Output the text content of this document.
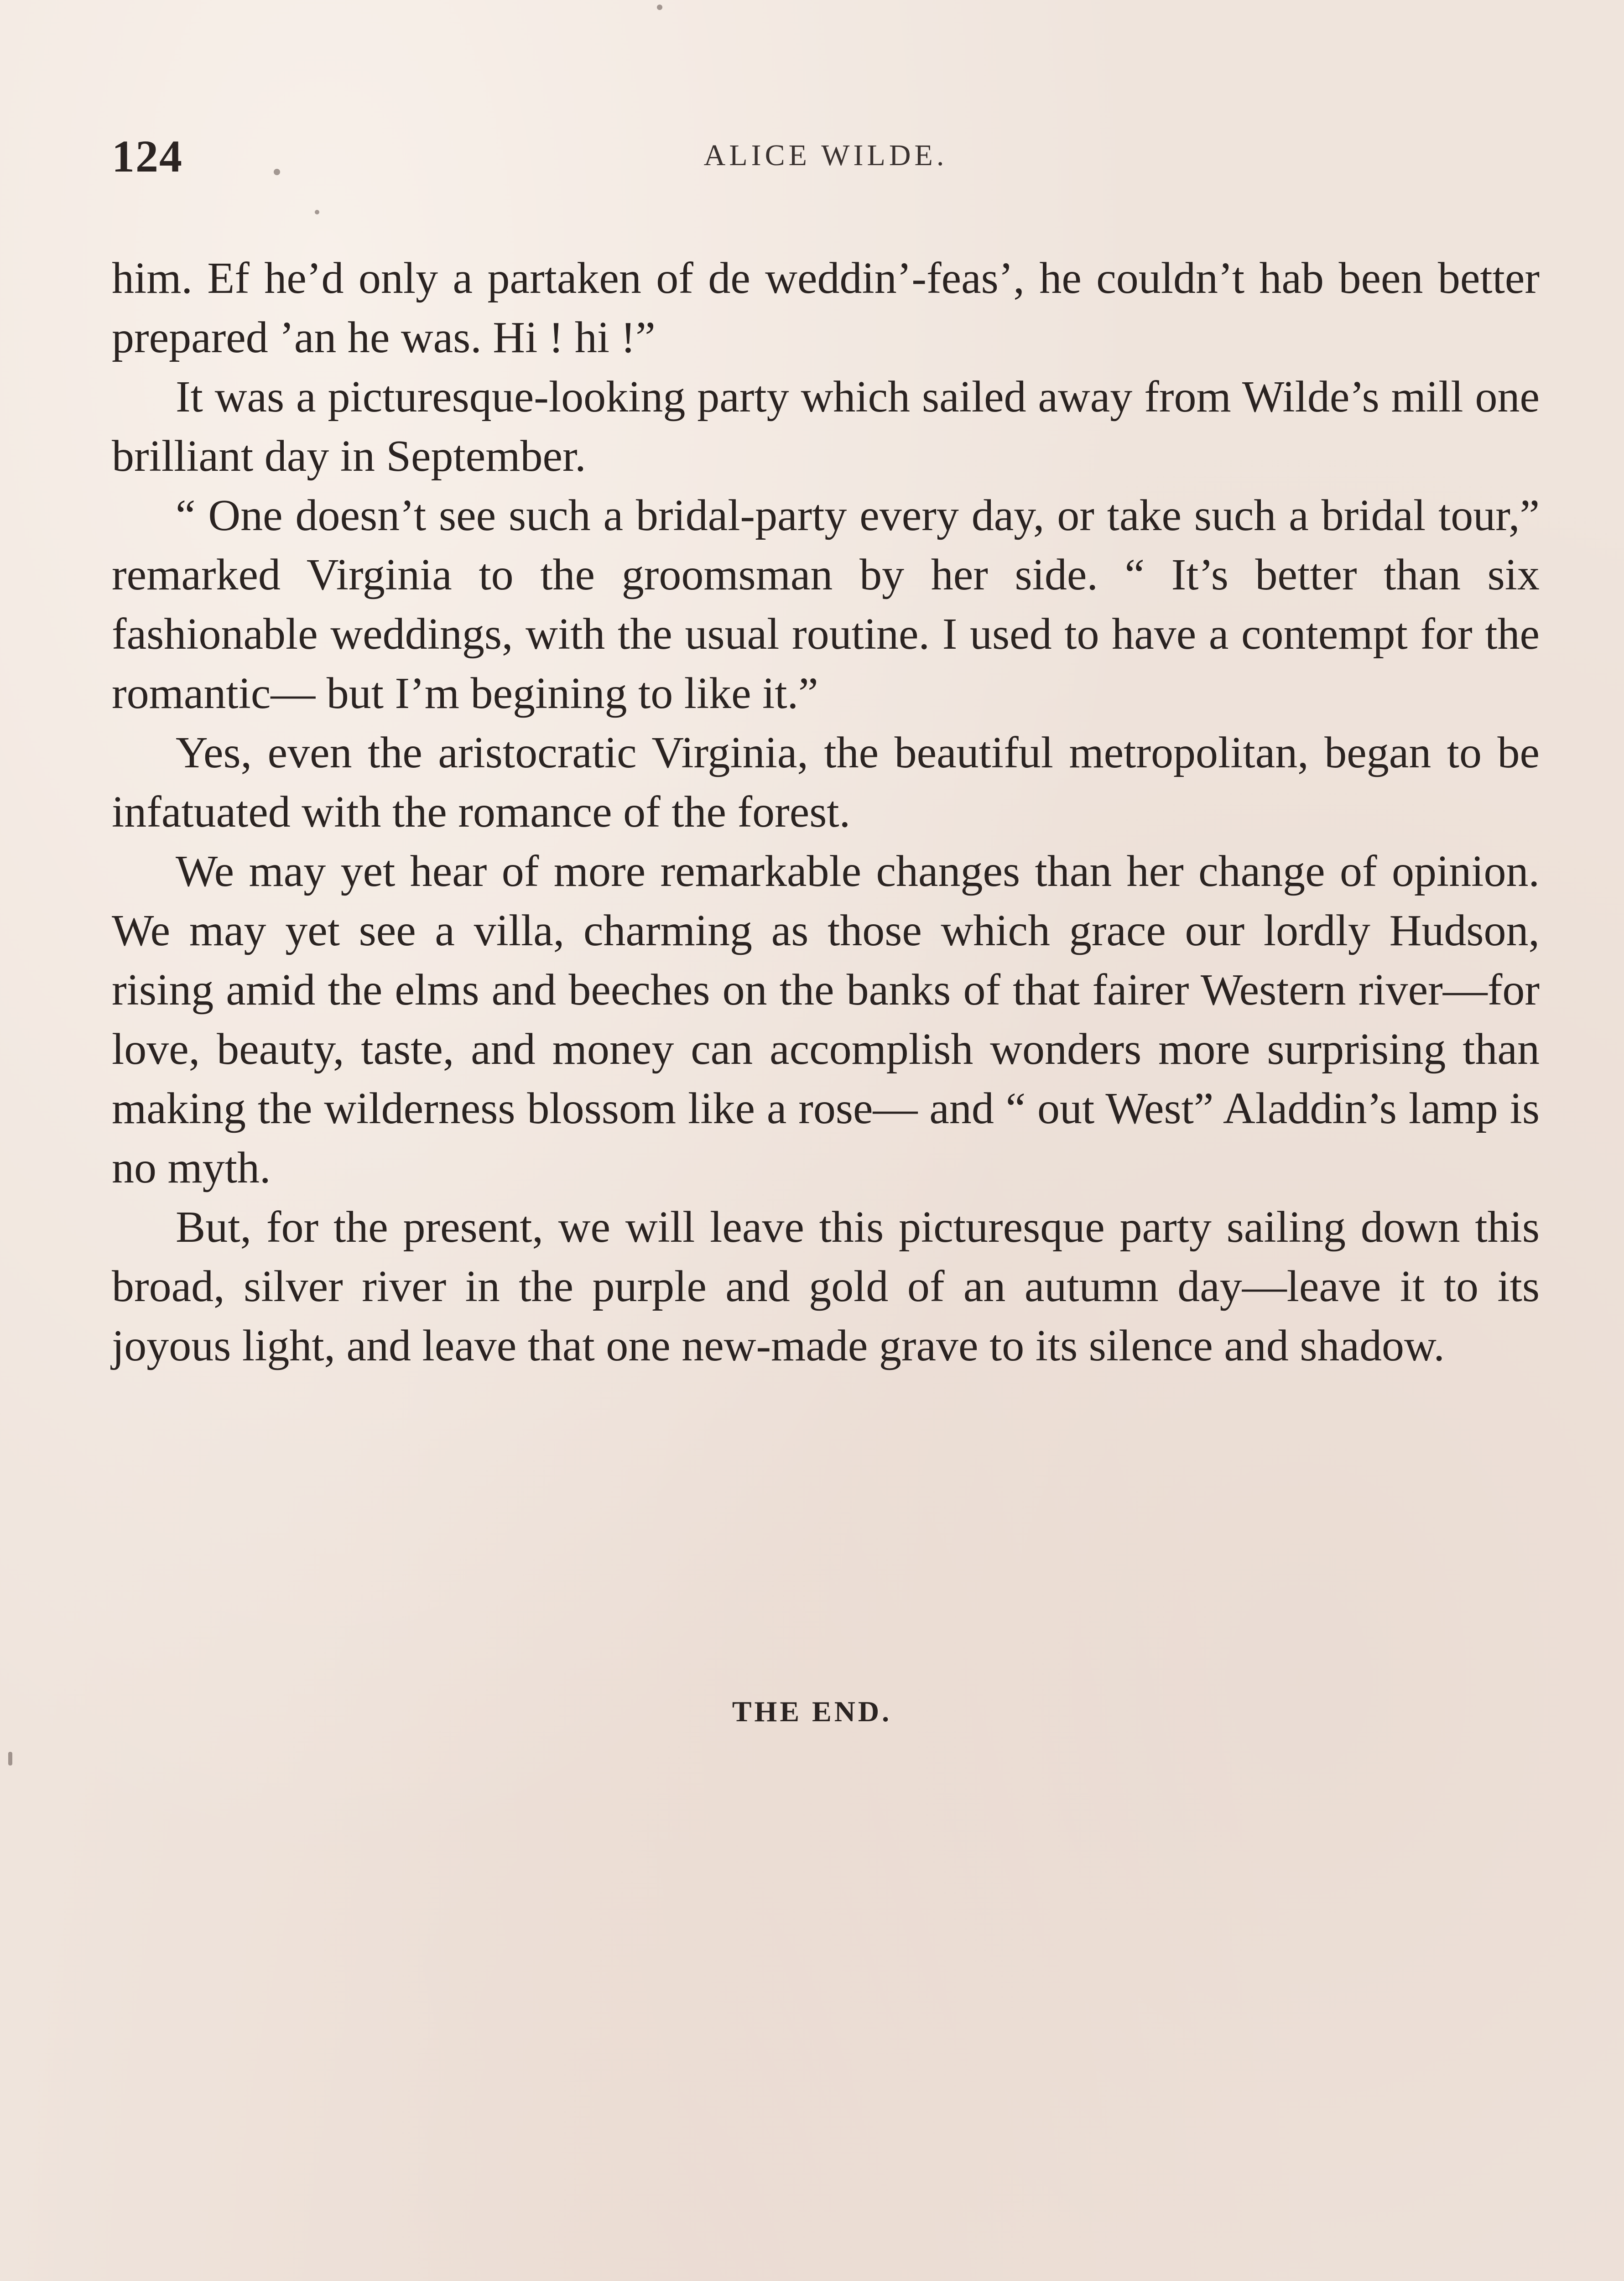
124	ALICE WILDE.

him. Ef he’d only a partaken of de weddin’-feas’, he couldn’t hab been better prepared ’an he was. Hi ! hi !”

It was a picturesque-looking party which sailed away from Wilde’s mill one brilliant day in September.

“ One doesn’t see such a bridal-party every day, or take such a bridal tour,” remarked Virginia to the groomsman by her side. “ It’s better than six fashionable weddings, with the usual routine. I used to have a contempt for the romantic— but I’m begining to like it.”

Yes, even the aristocratic Virginia, the beautiful metropolitan, began to be infatuated with the romance of the forest.

We may yet hear of more remarkable changes than her change of opinion. We may yet see a villa, charming as those which grace our lordly Hudson, rising amid the elms and beeches on the banks of that fairer Western river—for love, beauty, taste, and money can accomplish wonders more surprising than making the wilderness blossom like a rose— and “ out West” Aladdin’s lamp is no myth.

But, for the present, we will leave this picturesque party sailing down this broad, silver river in the purple and gold of an autumn day—leave it to its joyous light, and leave that one new-made grave to its silence and shadow.

THE END.
